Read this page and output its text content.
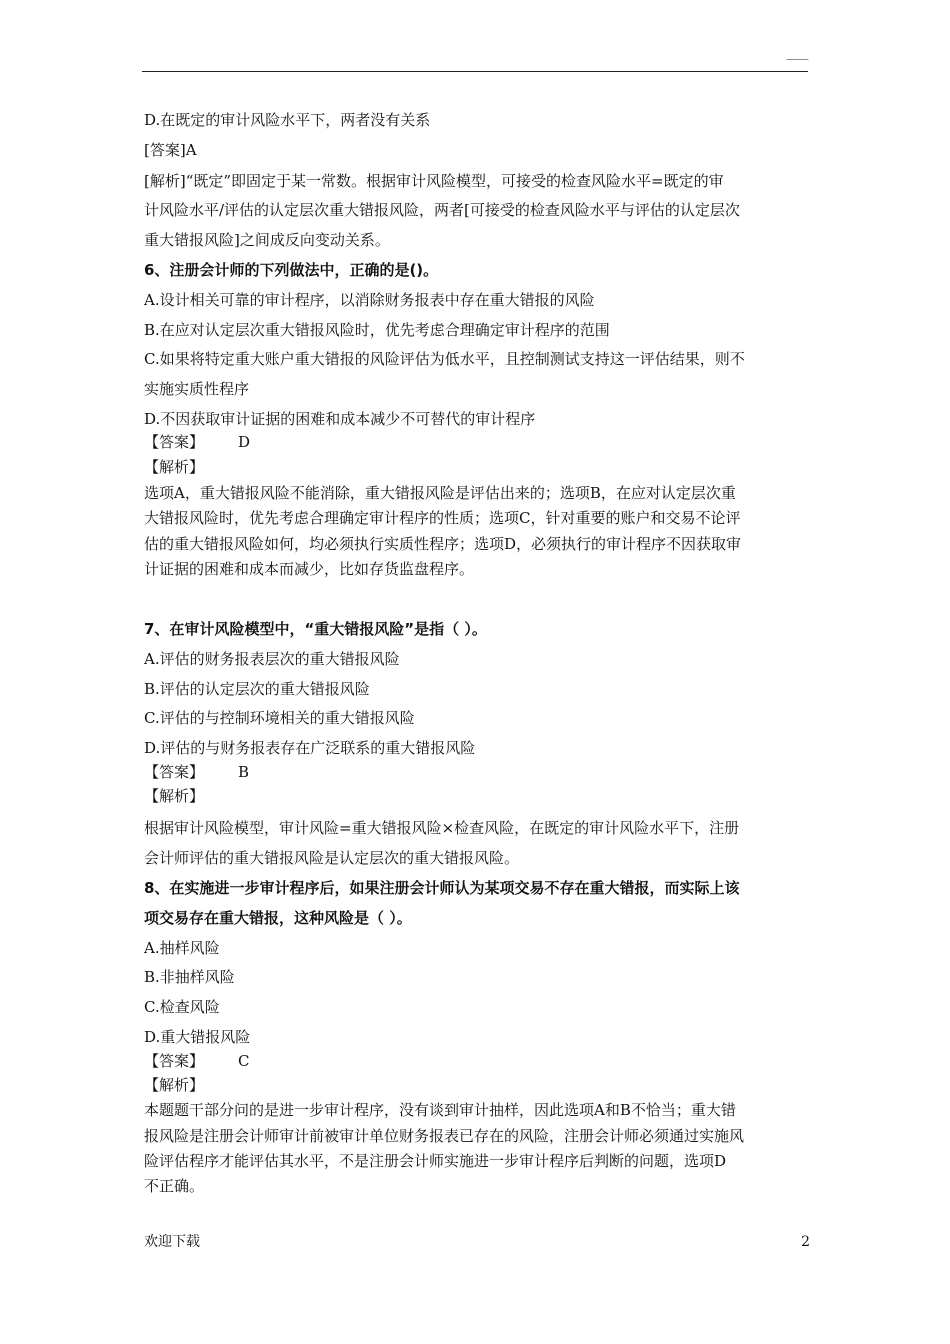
——
D.在既定的审计风险水平下，两者没有关系
[答案]A
[解析]“既定”即固定于某一常数。根据审计风险模型，可接受的检查风险水平=既定的审
计风险水平/评估的认定层次重大错报风险，两者[可接受的检查风险水平与评估的认定层次
重大错报风险]之间成反向变动关系。
6、注册会计师的下列做法中，正确的是()。
A.设计相关可靠的审计程序，以消除财务报表中存在重大错报的风险
B.在应对认定层次重大错报风险时，优先考虑合理确定审计程序的范围
C.如果将特定重大账户重大错报的风险评估为低水平，且控制测试支持这一评估结果，则不
实施实质性程序
D.不因获取审计证据的困难和成本减少不可替代的审计程序
【答案】 D
【解析】
选项A，重大错报风险不能消除，重大错报风险是评估出来的；选项B，在应对认定层次重
大错报风险时，优先考虑合理确定审计程序的性质；选项C，针对重要的账户和交易不论评
估的重大错报风险如何，均必须执行实质性程序；选项D，必须执行的审计程序不因获取审
计证据的困难和成本而减少，比如存货监盘程序。
7、在审计风险模型中，“重大错报风险”是指（ ）。
A.评估的财务报表层次的重大错报风险
B.评估的认定层次的重大错报风险
C.评估的与控制环境相关的重大错报风险
D.评估的与财务报表存在广泛联系的重大错报风险
【答案】 B
【解析】
根据审计风险模型，审计风险=重大错报风险×检查风险，在既定的审计风险水平下，注册
会计师评估的重大错报风险是认定层次的重大错报风险。
8、在实施进一步审计程序后，如果注册会计师认为某项交易不存在重大错报，而实际上该
项交易存在重大错报，这种风险是（ ）。
A.抽样风险
B.非抽样风险
C.检查风险
D.重大错报风险
【答案】 C
【解析】
本题题干部分问的是进一步审计程序，没有谈到审计抽样，因此选项A和B不恰当；重大错
报风险是注册会计师审计前被审计单位财务报表已存在的风险，注册会计师必须通过实施风
险评估程序才能评估其水平，不是注册会计师实施进一步审计程序后判断的问题，选项D
不正确。
欢迎下载	2
